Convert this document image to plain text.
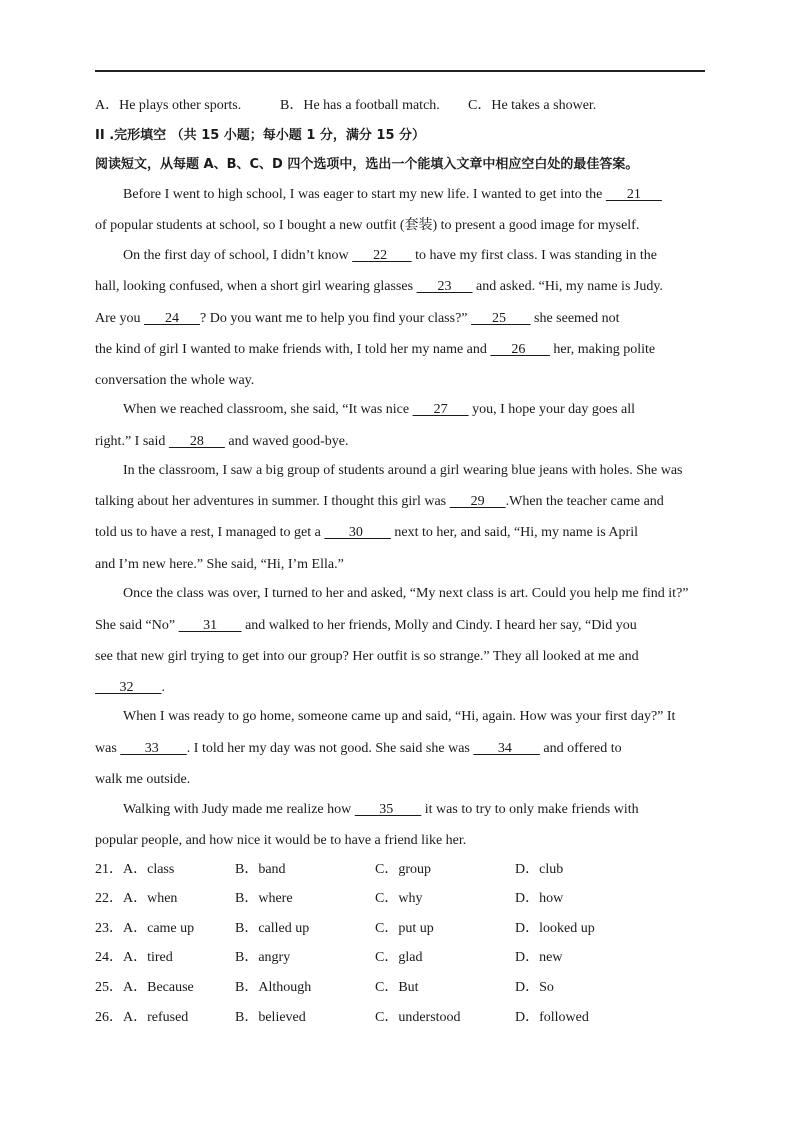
A．He plays other sports.	B．He has a football match. C．He takes a shower.
II .完形填空 （共 15 小题；每小题 1 分，满分 15 分）
阅读短文，从每题 A、B、C、D 四个选项中，选出一个能填入文章中相应空白处的最佳答案。
Before I went to high school, I was eager to start my new life. I wanted to get into the       21
of popular students at school, so I bought a new outfit (套装) to present a good image for myself.
On the first day of school, I didn’t know       22        to have my first class. I was standing in the
hall, looking confused, when a short girl wearing glasses       23       and asked. “Hi, my name is Judy.
Are you       24      ? Do you want me to help you find your class?”       25        she seemed not
the kind of girl I wanted to make friends with, I told her my name and       26        her, making polite
conversation the whole way.
When we reached classroom, she said, “It was nice       27       you, I hope your day goes all
right.” I said       28       and waved good-bye.
In the classroom, I saw a big group of students around a girl wearing blue jeans with holes. She was
talking about her adventures in summer. I thought this girl was       29      .When the teacher came and
told us to have a rest, I managed to get a        30         next to her, and said, “Hi, my name is April
and I’m new here.” She said, “Hi, I’m Ella.”
Once the class was over, I turned to her and asked, “My next class is art. Could you help me find it?”
She said “No”        31        and walked to her friends, Molly and Cindy. I heard her say, “Did you
see that new girl trying to get into our group? Her outfit is so strange.” They all looked at me and
32        .
When I was ready to go home, someone came up and said, “Hi, again. How was your first day?” It
was        33        . I told her my day was not good. She said she was        34         and offered to
walk me outside.
Walking with Judy made me realize how        35         it was to try to only make friends with
popular people, and how nice it would be to have a friend like her.
21． A．class	B．band	C．group	D．club
22． A．when	B．where	C．why	D．how
23． A．came up	B．called up	C．put up	D．looked up
24． A．tired	B．angry	C．glad	D．new
25． A．Because	B．Although	C．But	D．So
26． A．refused	B．believed	C．understood	D．followed
